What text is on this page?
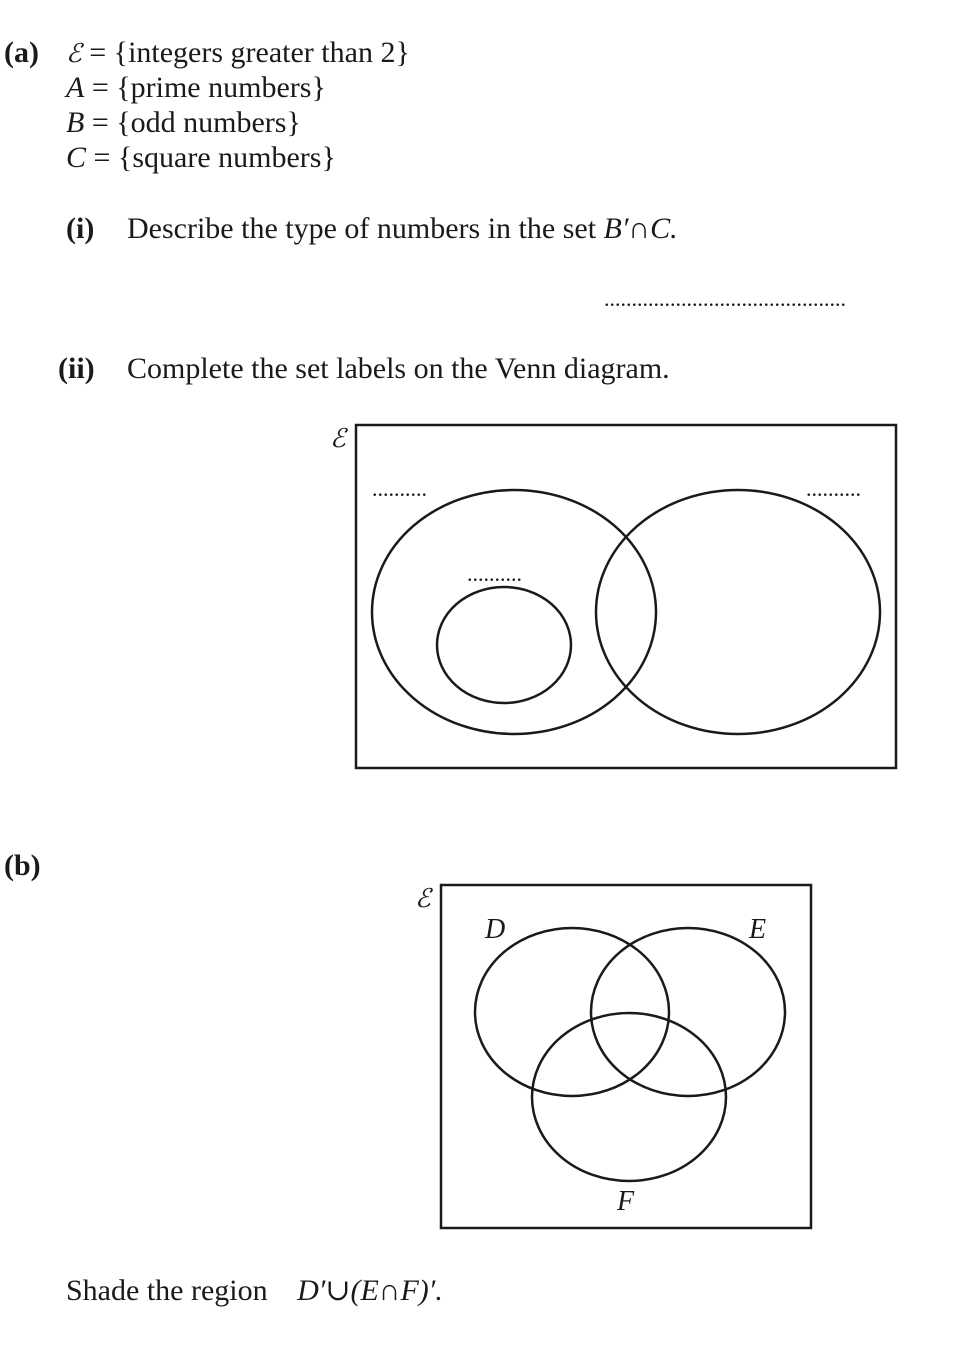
(a) ℰ = {integers greater than 2}
A = {prime numbers}
B = {odd numbers}
C = {square numbers}
(i) Describe the type of numbers in the set B′∩C.
............................................
(ii) Complete the set labels on the Venn diagram.
ℰ
..........
..........
..........
(b)
ℰ
D	E
F
Shade the region D′∪(E∩F)′.
